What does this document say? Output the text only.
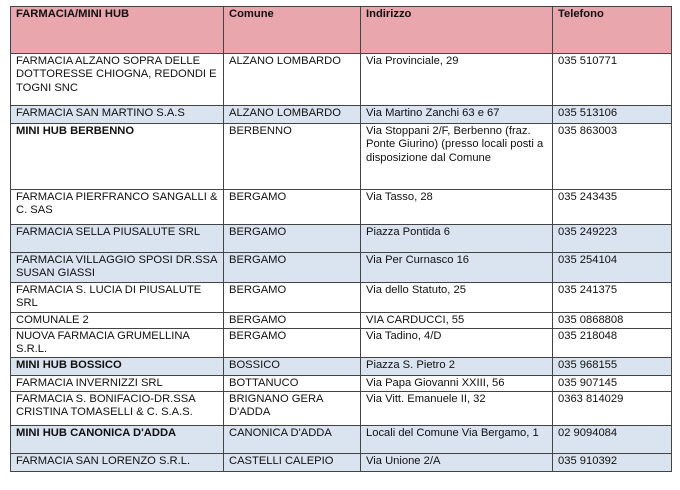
FARMACIA/MINI HUB	Comune	Indirizzo	Telefono
FARMACIA ALZANO SOPRA DELLE DOTTORESSE CHIOGNA, REDONDI E TOGNI SNC	ALZANO LOMBARDO	Via Provinciale, 29	035 510771
FARMACIA SAN MARTINO S.A.S	ALZANO LOMBARDO	Via Martino Zanchi 63 e 67	035 513106
MINI HUB BERBENNO	BERBENNO	Via Stoppani 2/F, Berbenno (fraz. Ponte Giurino) (presso locali posti a disposizione dal Comune	035 863003
FARMACIA PIERFRANCO SANGALLI & C. SAS	BERGAMO	Via Tasso, 28	035 243435
FARMACIA SELLA PIUSALUTE SRL	BERGAMO	Piazza Pontida 6	035 249223
FARMACIA VILLAGGIO SPOSI DR.SSA SUSAN GIASSI	BERGAMO	Via Per Curnasco 16	035 254104
FARMACIA S. LUCIA DI PIUSALUTE SRL	BERGAMO	Via dello Statuto, 25	035 241375
COMUNALE 2	BERGAMO	VIA CARDUCCI, 55	035 0868808
NUOVA FARMACIA GRUMELLINA S.R.L.	BERGAMO	Via Tadino, 4/D	035 218048
MINI HUB BOSSICO	BOSSICO	Piazza S. Pietro 2	035 968155
FARMACIA INVERNIZZI SRL	BOTTANUCO	Via Papa Giovanni XXIII, 56	035 907145
FARMACIA S. BONIFACIO-DR.SSA CRISTINA TOMASELLI & C. S.A.S.	BRIGNANO GERA D'ADDA	Via Vitt. Emanuele II, 32	0363 814029
MINI HUB CANONICA D'ADDA	CANONICA D'ADDA	Locali del Comune Via Bergamo, 1	02 9094084
FARMACIA SAN LORENZO S.R.L.	CASTELLI CALEPIO	Via Unione 2/A	035 910392
